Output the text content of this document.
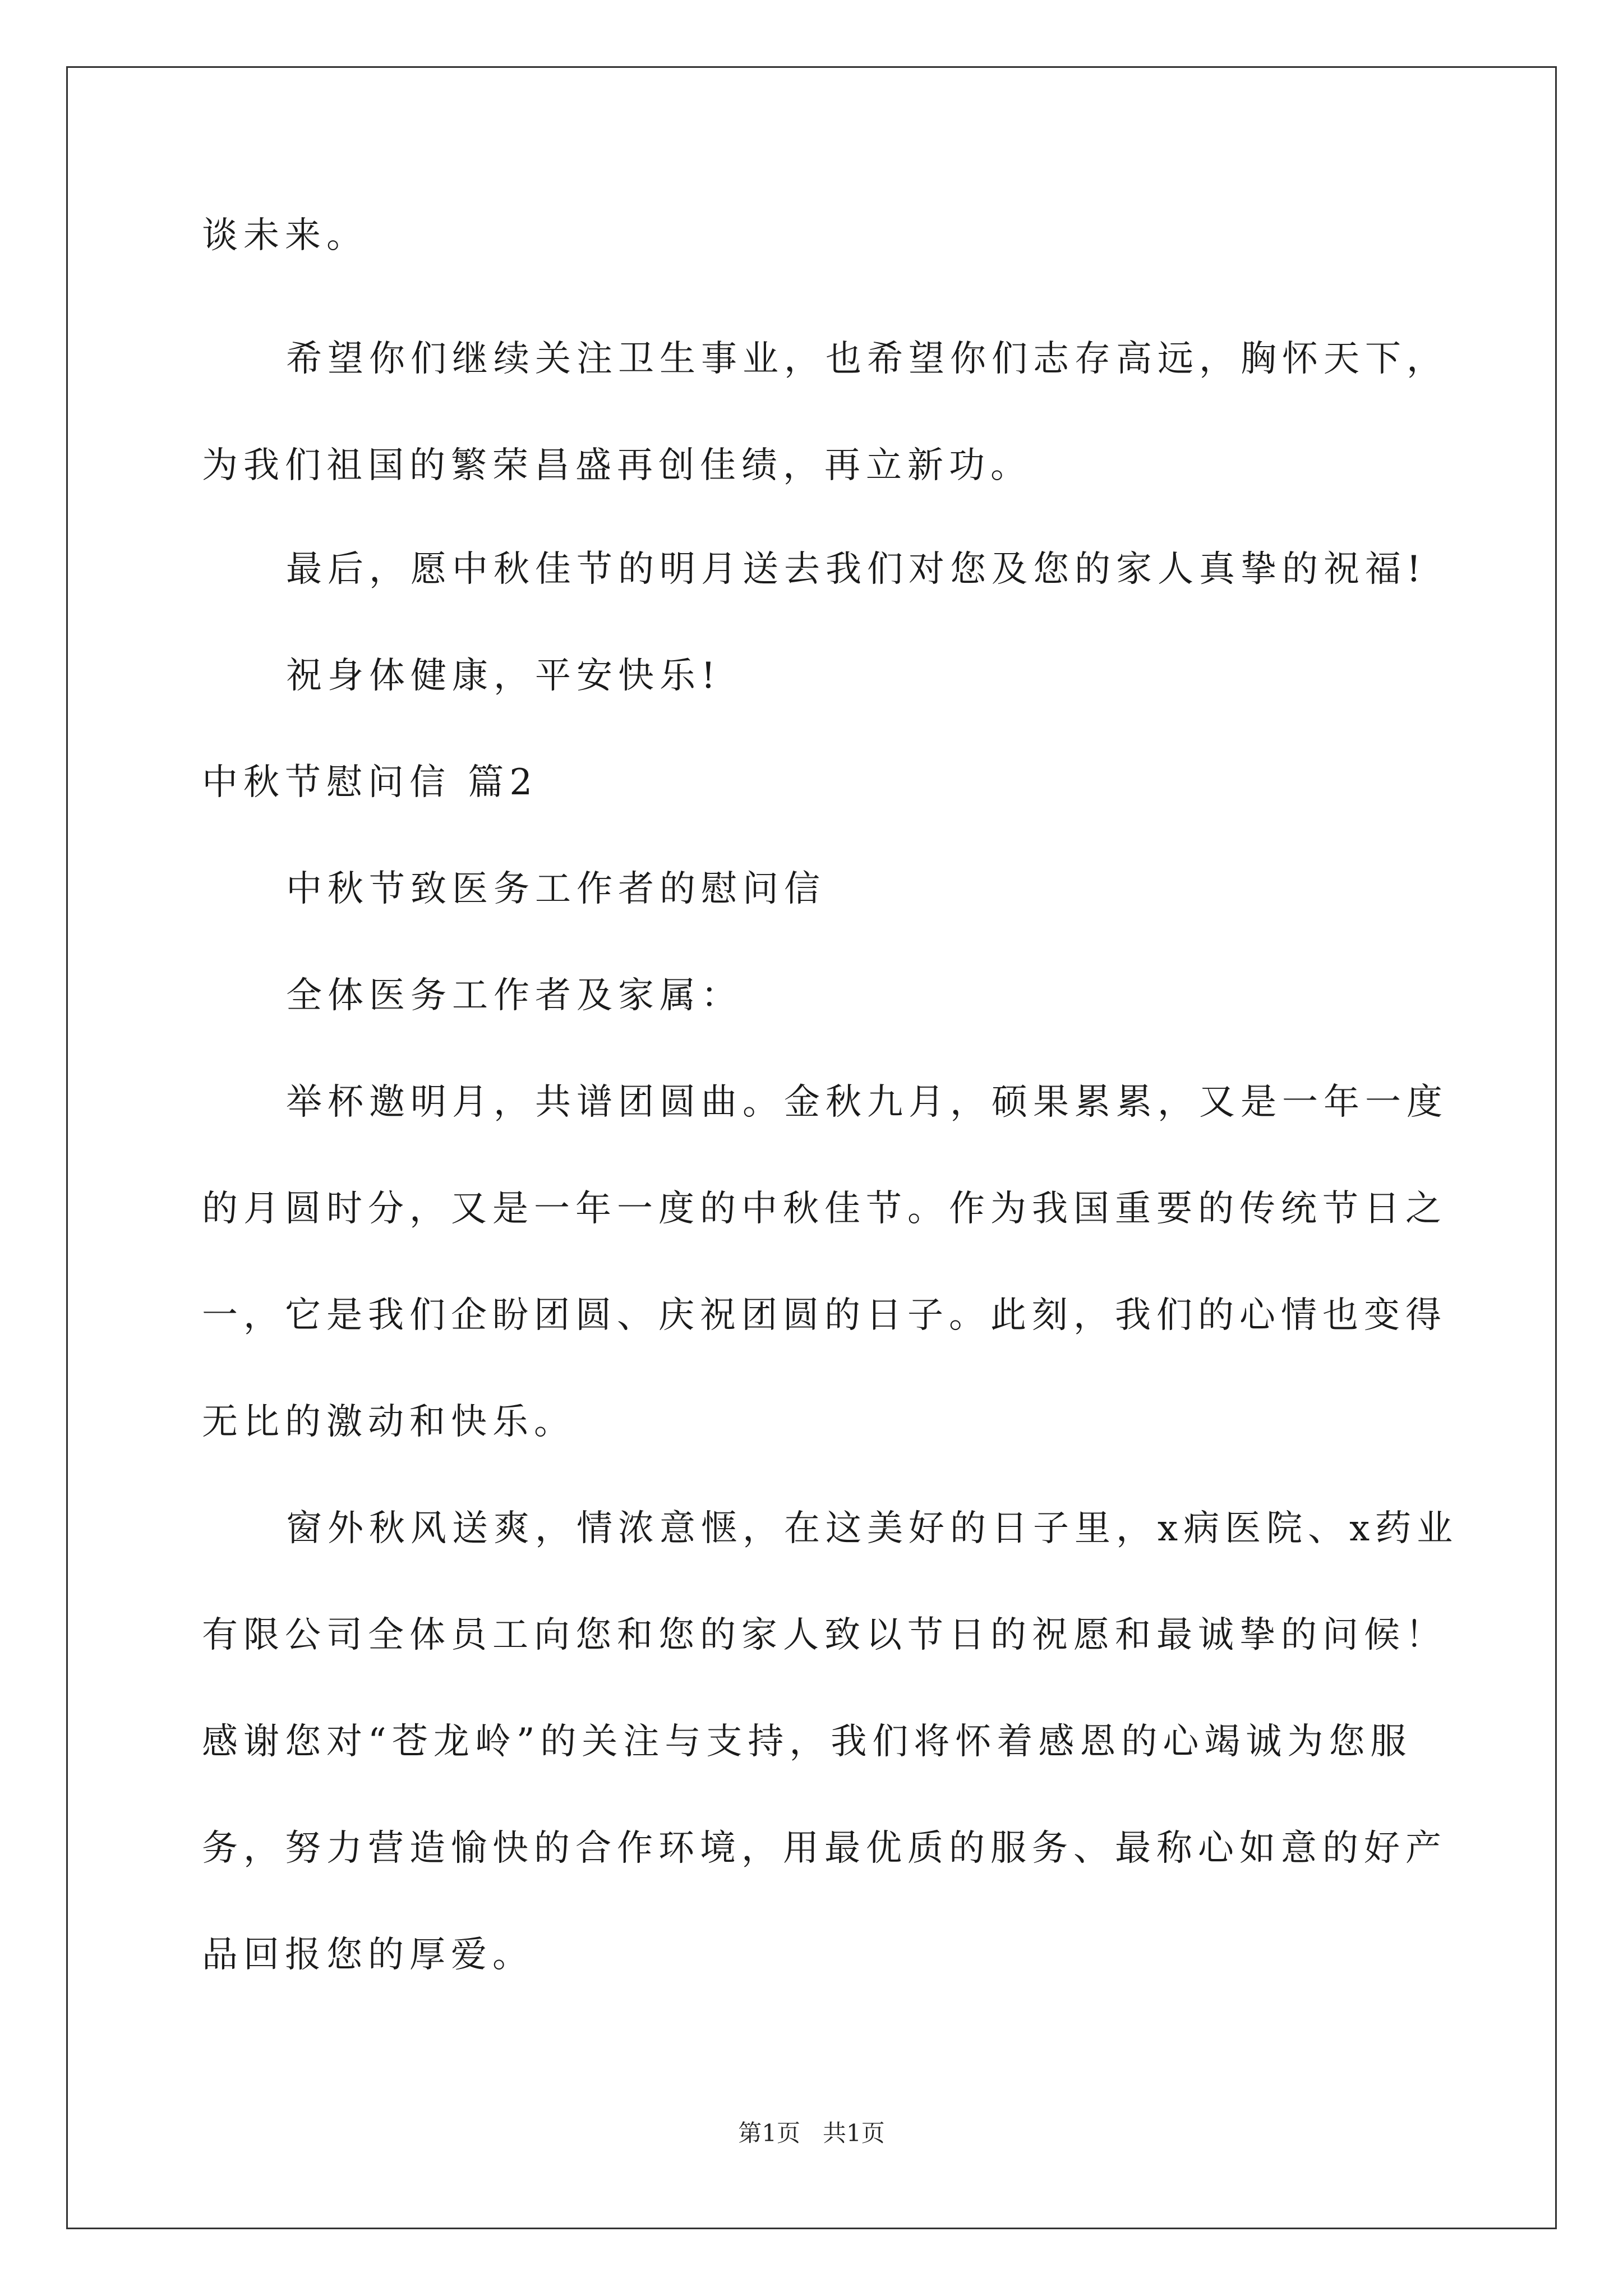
谈未来。
希望你们继续关注卫生事业，也希望你们志存高远，胸怀天下，
为我们祖国的繁荣昌盛再创佳绩，再立新功。
最后，愿中秋佳节的明月送去我们对您及您的家人真挚的祝福!
祝身体健康，平安快乐!
中秋节慰问信 篇2
中秋节致医务工作者的慰问信
全体医务工作者及家属：
举杯邀明月，共谱团圆曲。金秋九月，硕果累累，又是一年一度
的月圆时分，又是一年一度的中秋佳节。作为我国重要的传统节日之
一，它是我们企盼团圆、庆祝团圆的日子。此刻，我们的心情也变得
无比的激动和快乐。
窗外秋风送爽，情浓意惬，在这美好的日子里，x病医院、x药业
有限公司全体员工向您和您的家人致以节日的祝愿和最诚挚的问候！
感谢您对“苍龙岭”的关注与支持，我们将怀着感恩的心竭诚为您服
务，努力营造愉快的合作环境，用最优质的服务、最称心如意的好产
品回报您的厚爱。
第1页   共1页
